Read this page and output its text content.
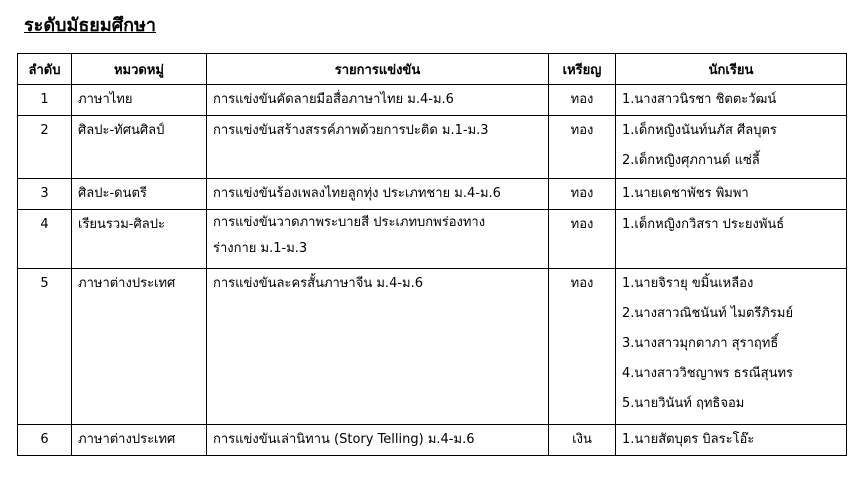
ระดับมัธยมศึกษา
ลำดับ	หมวดหมู่	รายการแข่งขัน	เหรียญ	นักเรียน

1	ภาษาไทย	การแข่งขันคัดลายมือสื่อภาษาไทย ม.4-ม.6	ทอง	1.นางสาวนิรชา ชิตตะวัฒน์

2	ศิลปะ-ทัศนศิลป์	การแข่งขันสร้างสรรค์ภาพด้วยการปะติด ม.1-ม.3	ทอง	1.เด็กหญิงนันท์นภัส ศีลบุตร
2.เด็กหญิงศุภกานต์ แซ่ลี้

3	ศิลปะ-ดนตรี	การแข่งขันร้องเพลงไทยลูกทุ่ง ประเภทชาย ม.4-ม.6	ทอง	1.นายเดชาพัชร พิมพา

4	เรียนรวม-ศิลปะ	การแข่งขันวาดภาพระบายสี ประเภทบกพร่องทาง
ร่างกาย ม.1-ม.3	ทอง	1.เด็กหญิงกวิสรา ประยงพันธ์

5	ภาษาต่างประเทศ	การแข่งขันละครสั้นภาษาจีน ม.4-ม.6	ทอง	1.นายจิรายุ ขมิ้นเหลือง
2.นางสาวณิชนันท์ ไมตรีภิรมย์
3.นางสาวมุกตาภา สุราฤทธิ์
4.นางสาววิชญาพร ธรณีสุนทร
5.นายวินันท์ ฤทธิจอม

6	ภาษาต่างประเทศ	การแข่งขันเล่านิทาน (Story Telling) ม.4-ม.6	เงิน	1.นายสัตบุตร บิลระโอ๊ะ
